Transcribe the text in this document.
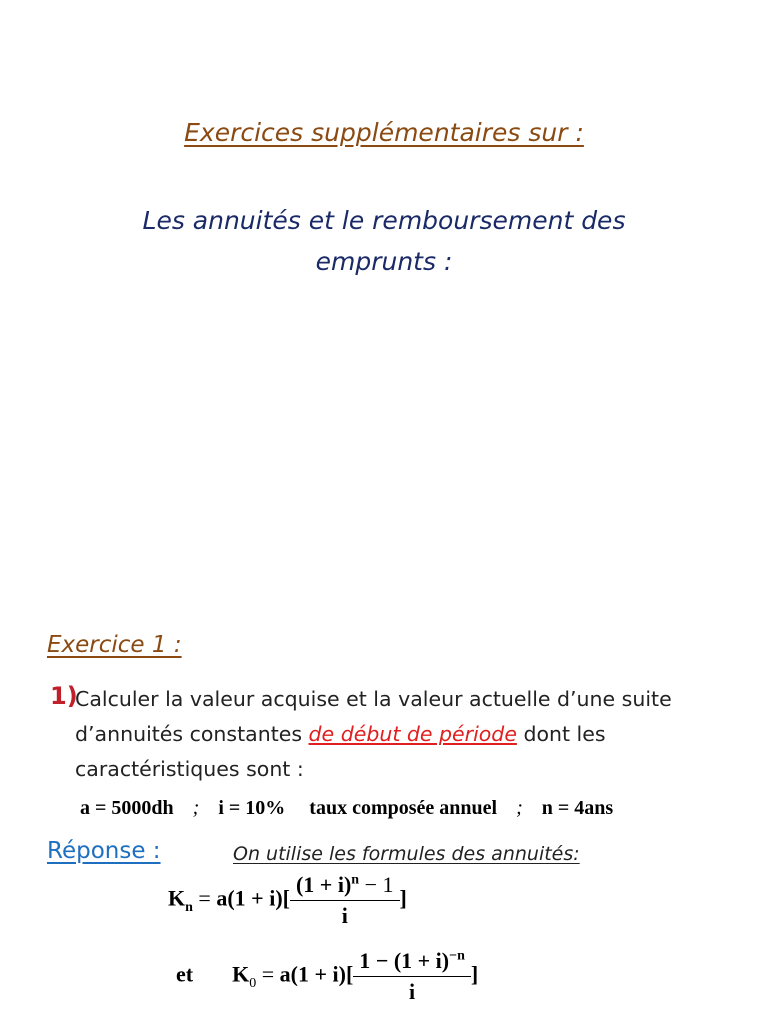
Exercices supplémentaires sur :
Les annuités et le remboursement des emprunts :
Exercice 1 :
1)
Calculer la valeur acquise et la valeur actuelle d’une suite d’annuités constantes de début de période dont les caractéristiques sont :
a = 5000dh ; i = 10% taux composée annuel ; n = 4ans
Réponse :	On utilise les formules des annuités:
$K_n = a(1 + i)[ \frac{(1 + i)^n - 1}{i}$ ]
et $K_0 = a(1 + i)[ \frac{1 - (1 + i)^{-n}}{i}$ ]
